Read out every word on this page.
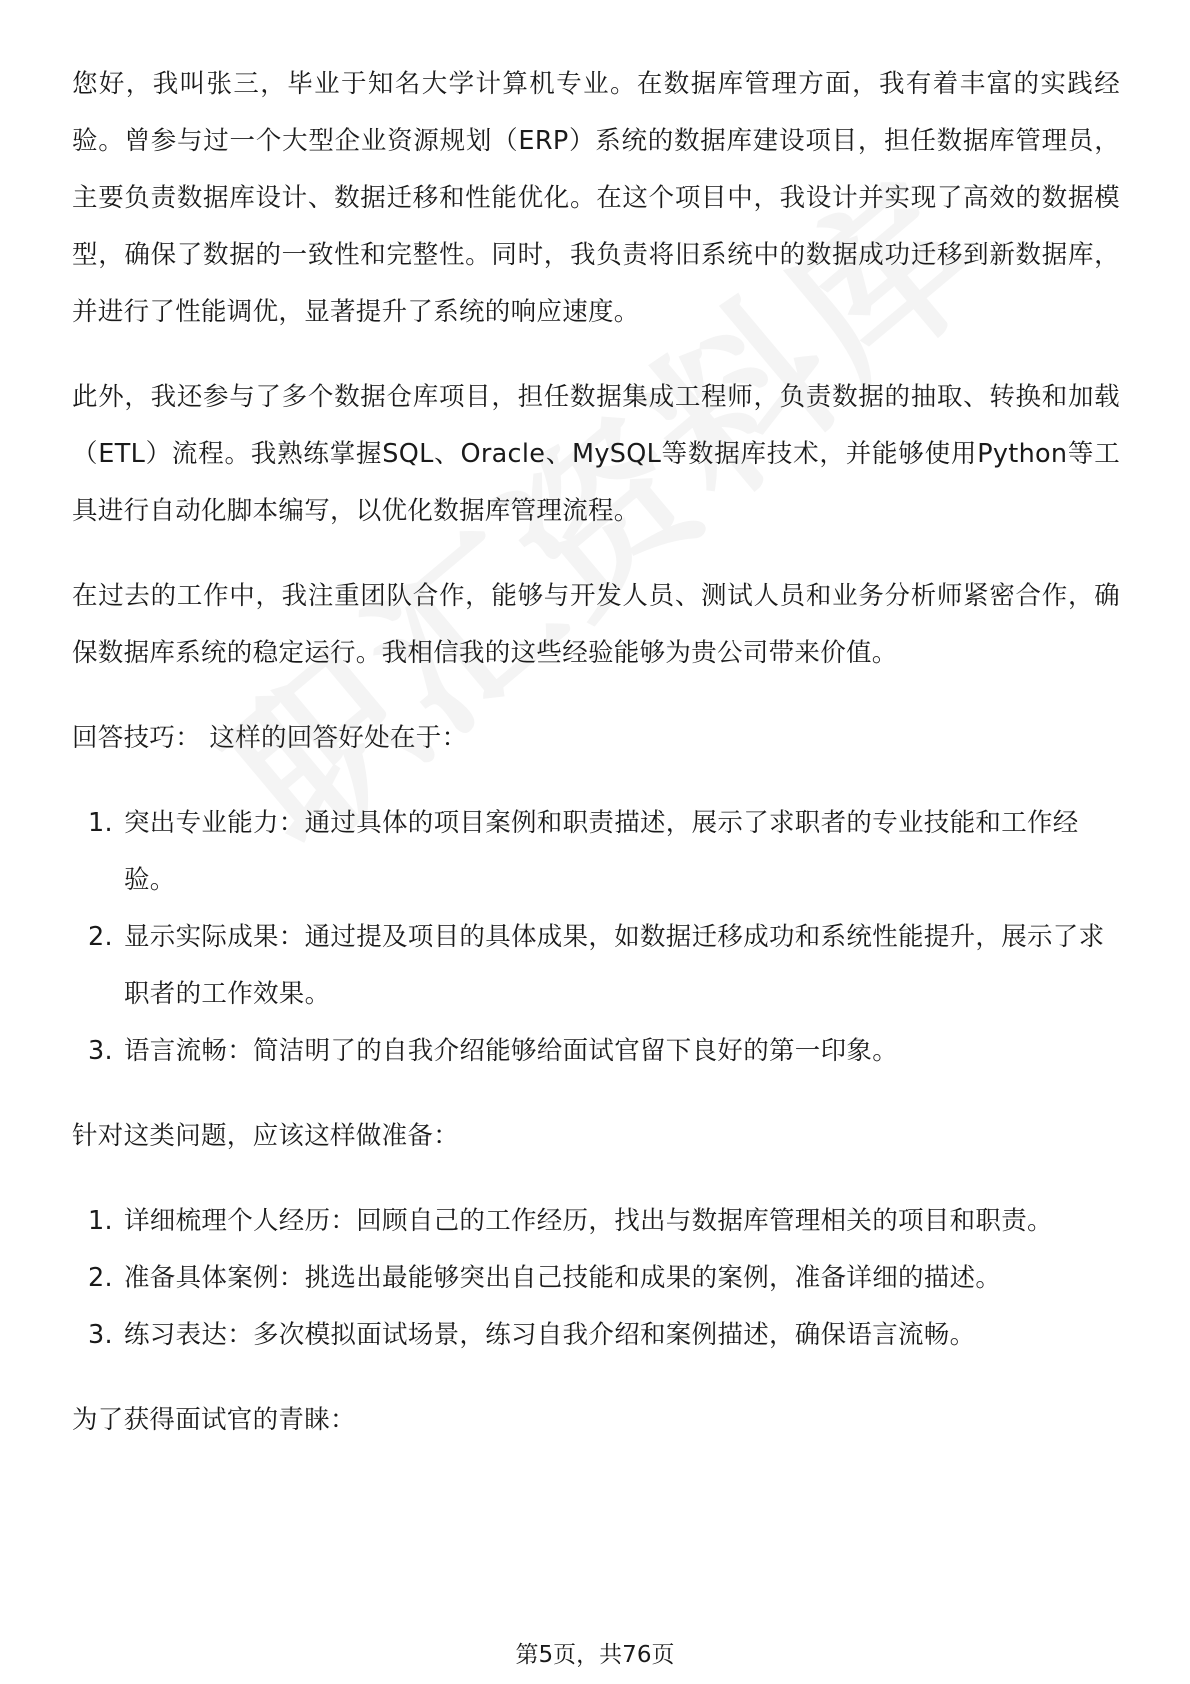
您好，我叫张三，毕业于知名大学计算机专业。在数据库管理方面，我有着丰富的实践经验。曾参与过一个大型企业资源规划（ERP）系统的数据库建设项目，担任数据库管理员，主要负责数据库设计、数据迁移和性能优化。在这个项目中，我设计并实现了高效的数据模型，确保了数据的一致性和完整性。同时，我负责将旧系统中的数据成功迁移到新数据库，并进行了性能调优，显著提升了系统的响应速度。

此外，我还参与了多个数据仓库项目，担任数据集成工程师，负责数据的抽取、转换和加载（ETL）流程。我熟练掌握SQL、Oracle、MySQL等数据库技术，并能够使用Python等工具进行自动化脚本编写，以优化数据库管理流程。

在过去的工作中，我注重团队合作，能够与开发人员、测试人员和业务分析师紧密合作，确保数据库系统的稳定运行。我相信我的这些经验能够为贵公司带来价值。

回答技巧： 这样的回答好处在于：

1. 突出专业能力：通过具体的项目案例和职责描述，展示了求职者的专业技能和工作经验。
2. 显示实际成果：通过提及项目的具体成果，如数据迁移成功和系统性能提升，展示了求职者的工作效果。
3. 语言流畅：简洁明了的自我介绍能够给面试官留下良好的第一印象。

针对这类问题，应该这样做准备：

1. 详细梳理个人经历：回顾自己的工作经历，找出与数据库管理相关的项目和职责。
2. 准备具体案例：挑选出最能够突出自己技能和成果的案例，准备详细的描述。
3. 练习表达：多次模拟面试场景，练习自我介绍和案例描述，确保语言流畅。

为了获得面试官的青睐：

第5页，共76页
